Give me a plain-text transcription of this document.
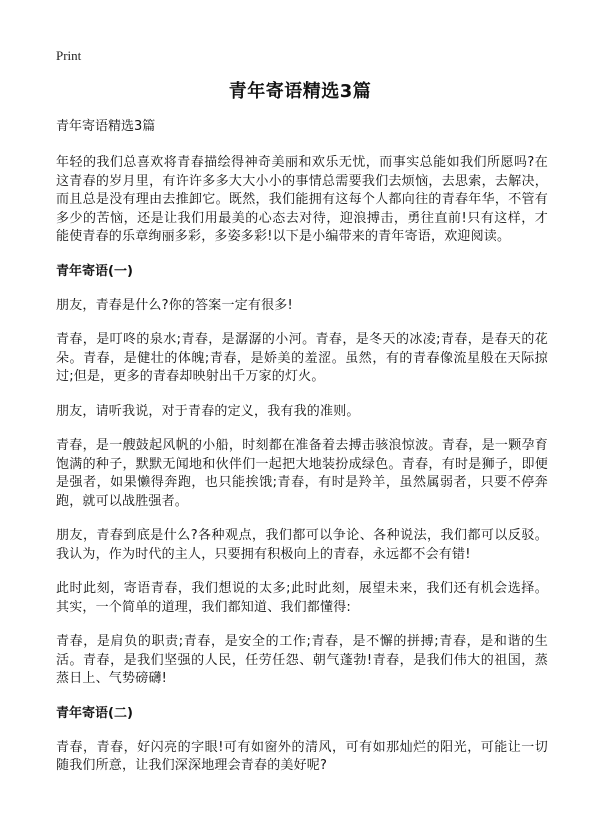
Print
青年寄语精选3篇

青年寄语精选3篇

年轻的我们总喜欢将青春描绘得神奇美丽和欢乐无忧，而事实总能如我们所愿吗?在这青春的岁月里，有许许多多大大小小的事情总需要我们去烦恼，去思索，去解决，而且总是没有理由去推卸它。既然，我们能拥有这每个人都向往的青春年华，不管有多少的苦恼，还是让我们用最美的心态去对待，迎浪搏击，勇往直前!只有这样，才能使青春的乐章绚丽多彩，多姿多彩!以下是小编带来的青年寄语，欢迎阅读。

青年寄语(一)

朋友，青春是什么?你的答案一定有很多!

青春，是叮咚的泉水;青春，是潺潺的小河。青春，是冬天的冰凌;青春，是春天的花朵。青春，是健壮的体魄;青春，是娇美的羞涩。虽然，有的青春像流星般在天际掠过;但是，更多的青春却映射出千万家的灯火。

朋友，请听我说，对于青春的定义，我有我的准则。

青春，是一艘鼓起风帆的小船，时刻都在准备着去搏击骇浪惊波。青春，是一颗孕育饱满的种子，默默无闻地和伙伴们一起把大地装扮成绿色。青春，有时是狮子，即便是强者，如果懒得奔跑，也只能挨饿;青春，有时是羚羊，虽然属弱者，只要不停奔跑，就可以战胜强者。

朋友，青春到底是什么?各种观点，我们都可以争论、各种说法，我们都可以反驳。我认为，作为时代的主人，只要拥有积极向上的青春，永远都不会有错!

此时此刻，寄语青春，我们想说的太多;此时此刻，展望未来，我们还有机会选择。其实，一个简单的道理，我们都知道、我们都懂得:

青春，是肩负的职责;青春，是安全的工作;青春，是不懈的拼搏;青春，是和谐的生活。青春，是我们坚强的人民，任劳任怨、朝气蓬勃!青春，是我们伟大的祖国，蒸蒸日上、气势磅礴!

青年寄语(二)

青春，青春，好闪亮的字眼!可有如窗外的清风，可有如那灿烂的阳光，可能让一切随我们所意，让我们深深地理会青春的美好呢?
